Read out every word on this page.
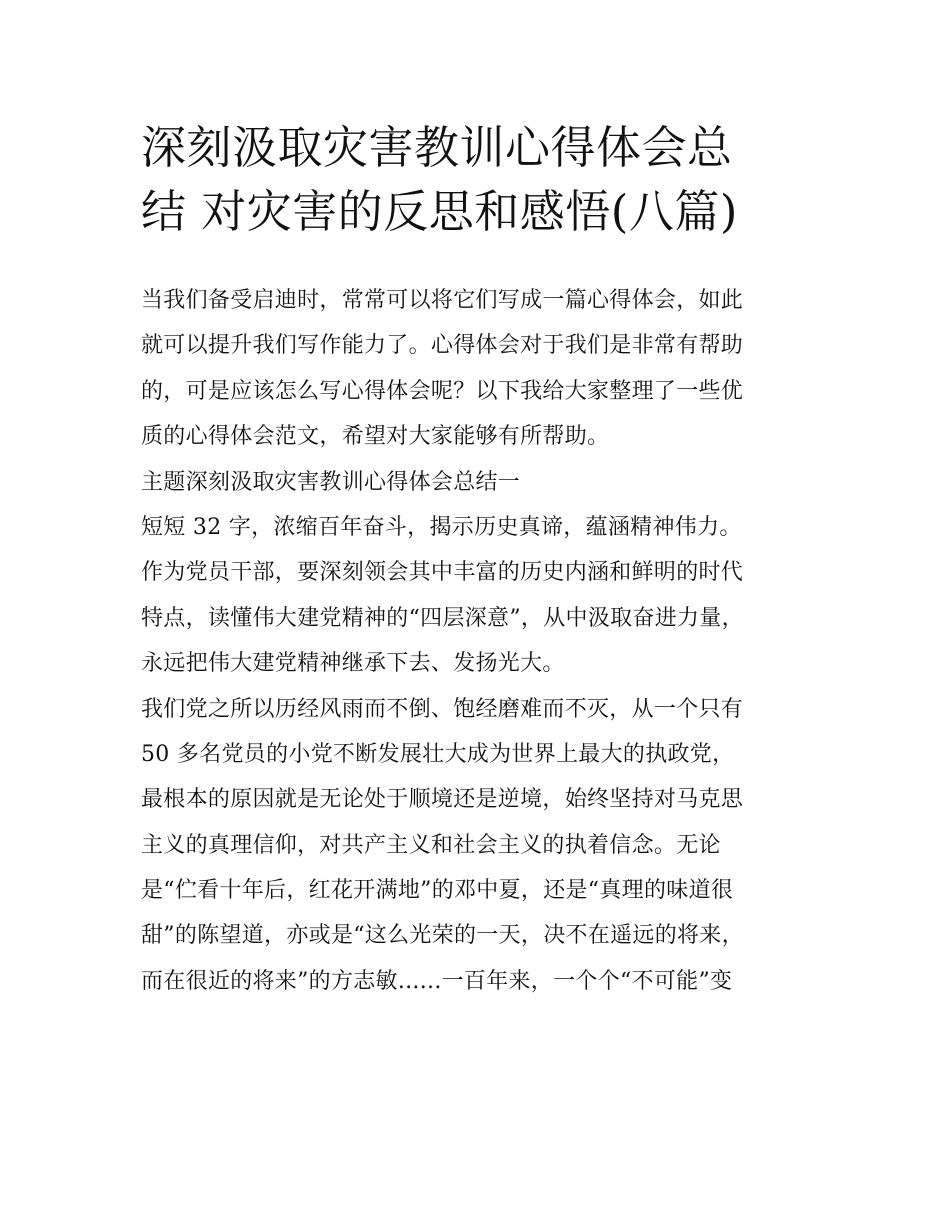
深刻汲取灾害教训心得体会总
结 对灾害的反思和感悟(八篇)
当我们备受启迪时，常常可以将它们写成一篇心得体会，如此
就可以提升我们写作能力了。心得体会对于我们是非常有帮助
的，可是应该怎么写心得体会呢？以下我给大家整理了一些优
质的心得体会范文，希望对大家能够有所帮助。
主题深刻汲取灾害教训心得体会总结一
短短 32 字，浓缩百年奋斗，揭示历史真谛，蕴涵精神伟力。
作为党员干部，要深刻领会其中丰富的历史内涵和鲜明的时代
特点，读懂伟大建党精神的“四层深意”，从中汲取奋进力量，
永远把伟大建党精神继承下去、发扬光大。
我们党之所以历经风雨而不倒、饱经磨难而不灭，从一个只有
50 多名党员的小党不断发展壮大成为世界上最大的执政党，
最根本的原因就是无论处于顺境还是逆境，始终坚持对马克思
主义的真理信仰，对共产主义和社会主义的执着信念。无论
是“伫看十年后，红花开满地”的邓中夏，还是“真理的味道很
甜”的陈望道，亦或是“这么光荣的一天，决不在遥远的将来，
而在很近的将来”的方志敏......一百年来，一个个“不可能”变
